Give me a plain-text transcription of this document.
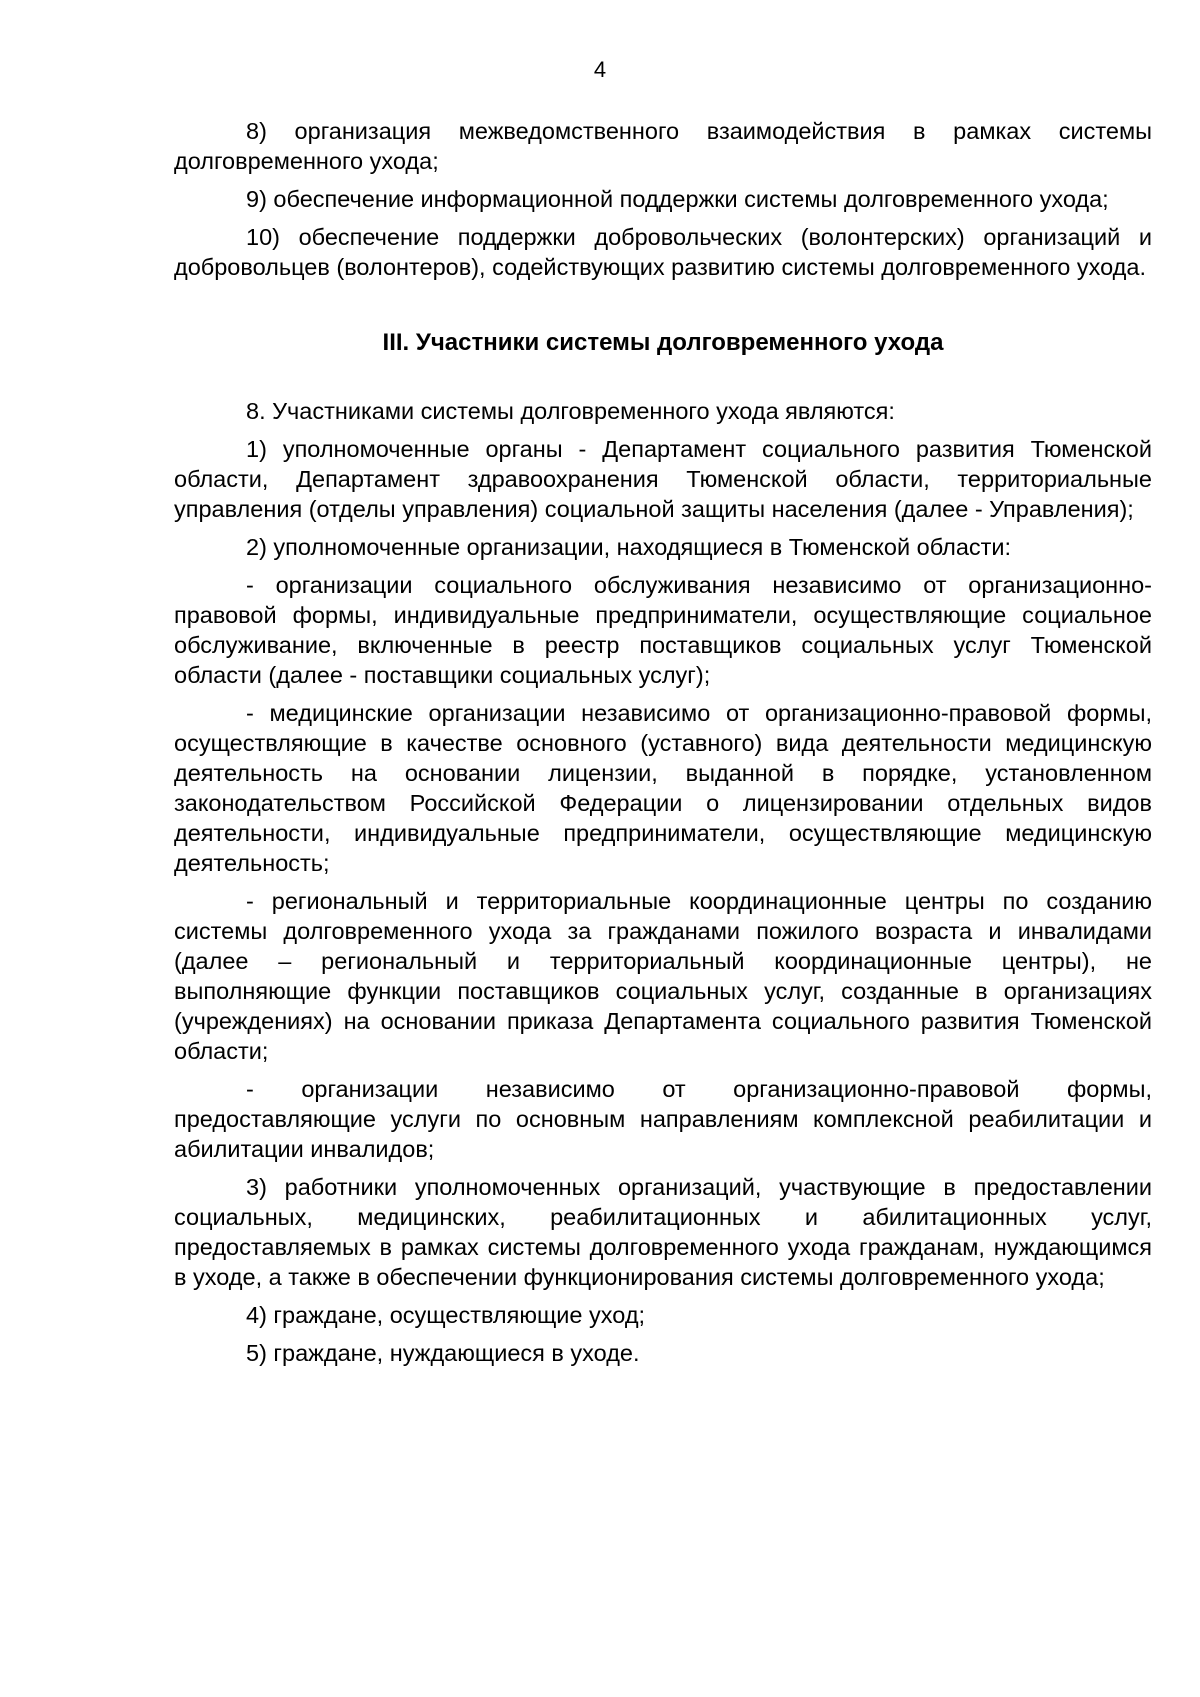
4

8) организация межведомственного взаимодействия в рамках системы долговременного ухода;

9) обеспечение информационной поддержки системы долговременного ухода;

10) обеспечение поддержки добровольческих (волонтерских) организаций и добровольцев (волонтеров), содействующих развитию системы долговременного ухода.

III. Участники системы долговременного ухода

8. Участниками системы долговременного ухода являются:

1) уполномоченные органы - Департамент социального развития Тюменской области, Департамент здравоохранения Тюменской области, территориальные управления (отделы управления) социальной защиты населения (далее - Управления);

2) уполномоченные организации, находящиеся в Тюменской области:

- организации социального обслуживания независимо от организационно-правовой формы, индивидуальные предприниматели, осуществляющие социальное обслуживание, включенные в реестр поставщиков социальных услуг Тюменской области (далее - поставщики социальных услуг);

- медицинские организации независимо от организационно-правовой формы, осуществляющие в качестве основного (уставного) вида деятельности медицинскую деятельность на основании лицензии, выданной в порядке, установленном законодательством Российской Федерации о лицензировании отдельных видов деятельности, индивидуальные предприниматели, осуществляющие медицинскую деятельность;

- региональный и территориальные координационные центры по созданию системы долговременного ухода за гражданами пожилого возраста и инвалидами (далее – региональный и территориальный координационные центры), не выполняющие функции поставщиков социальных услуг, созданные в организациях (учреждениях) на основании приказа Департамента социального развития Тюменской области;

- организации независимо от организационно-правовой формы, предоставляющие услуги по основным направлениям комплексной реабилитации и абилитации инвалидов;

3) работники уполномоченных организаций, участвующие в предоставлении социальных, медицинских, реабилитационных и абилитационных услуг, предоставляемых в рамках системы долговременного ухода гражданам, нуждающимся в уходе, а также в обеспечении функционирования системы долговременного ухода;

4) граждане, осуществляющие уход;

5) граждане, нуждающиеся в уходе.
